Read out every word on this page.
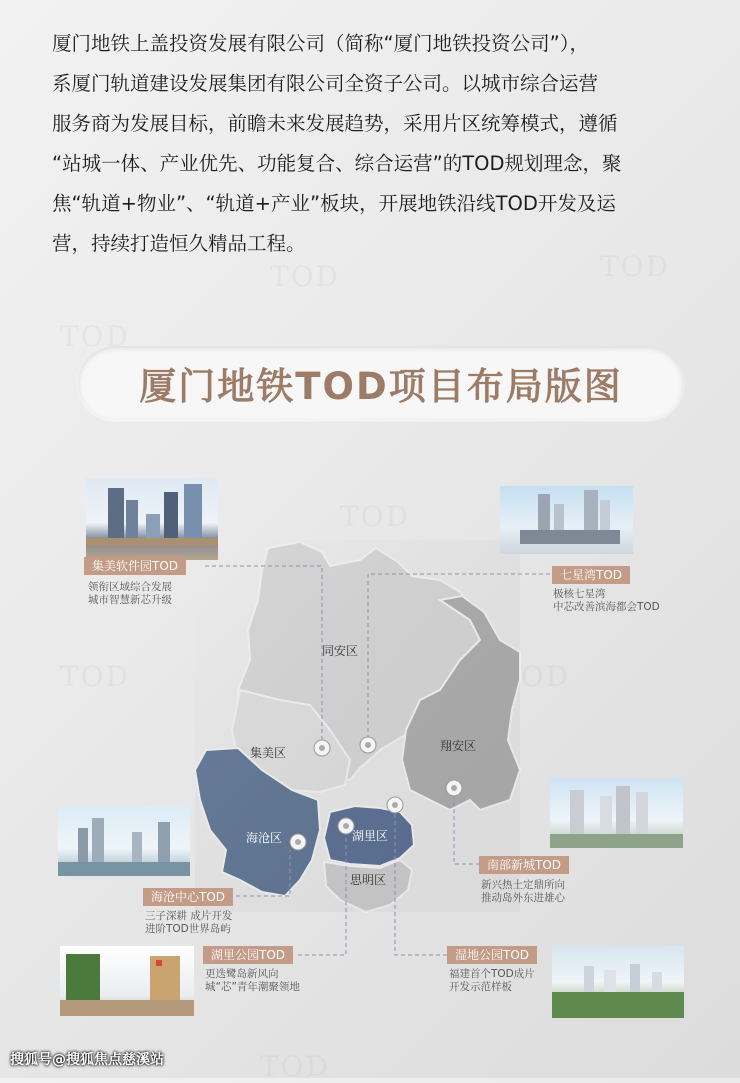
厦门地铁上盖投资发展有限公司（简称“厦门地铁投资公司”），

系厦门轨道建设发展集团有限公司全资子公司。以城市综合运营

服务商为发展目标，前瞻未来发展趋势，采用片区统筹模式，遵循

“站城一体、产业优先、功能复合、综合运营”的TOD规划理念，聚

焦“轨道+物业”、“轨道+产业”板块，开展地铁沿线TOD开发及运

营，持续打造恒久精品工程。

厦门地铁TOD项目布局版图
同安区
集美区	翔安区
海沧区	湖里区
思明区
集美软件园TOD
领衔区域综合发展
城市智慧新芯升级
七星湾TOD
极核七星湾
中芯改善滨海都会TOD
南部新城TOD
新兴热土定鼎所向
推动岛外东进雄心
海沧中心TOD
三子深耕 成片开发
进阶TOD世界岛屿
湖里公园TOD
更迭鹭岛新风向
城“芯”青年潮聚领地
湿地公园TOD
福建首个TOD成片
开发示范样板
搜狐号@搜狐焦点慈溪站
